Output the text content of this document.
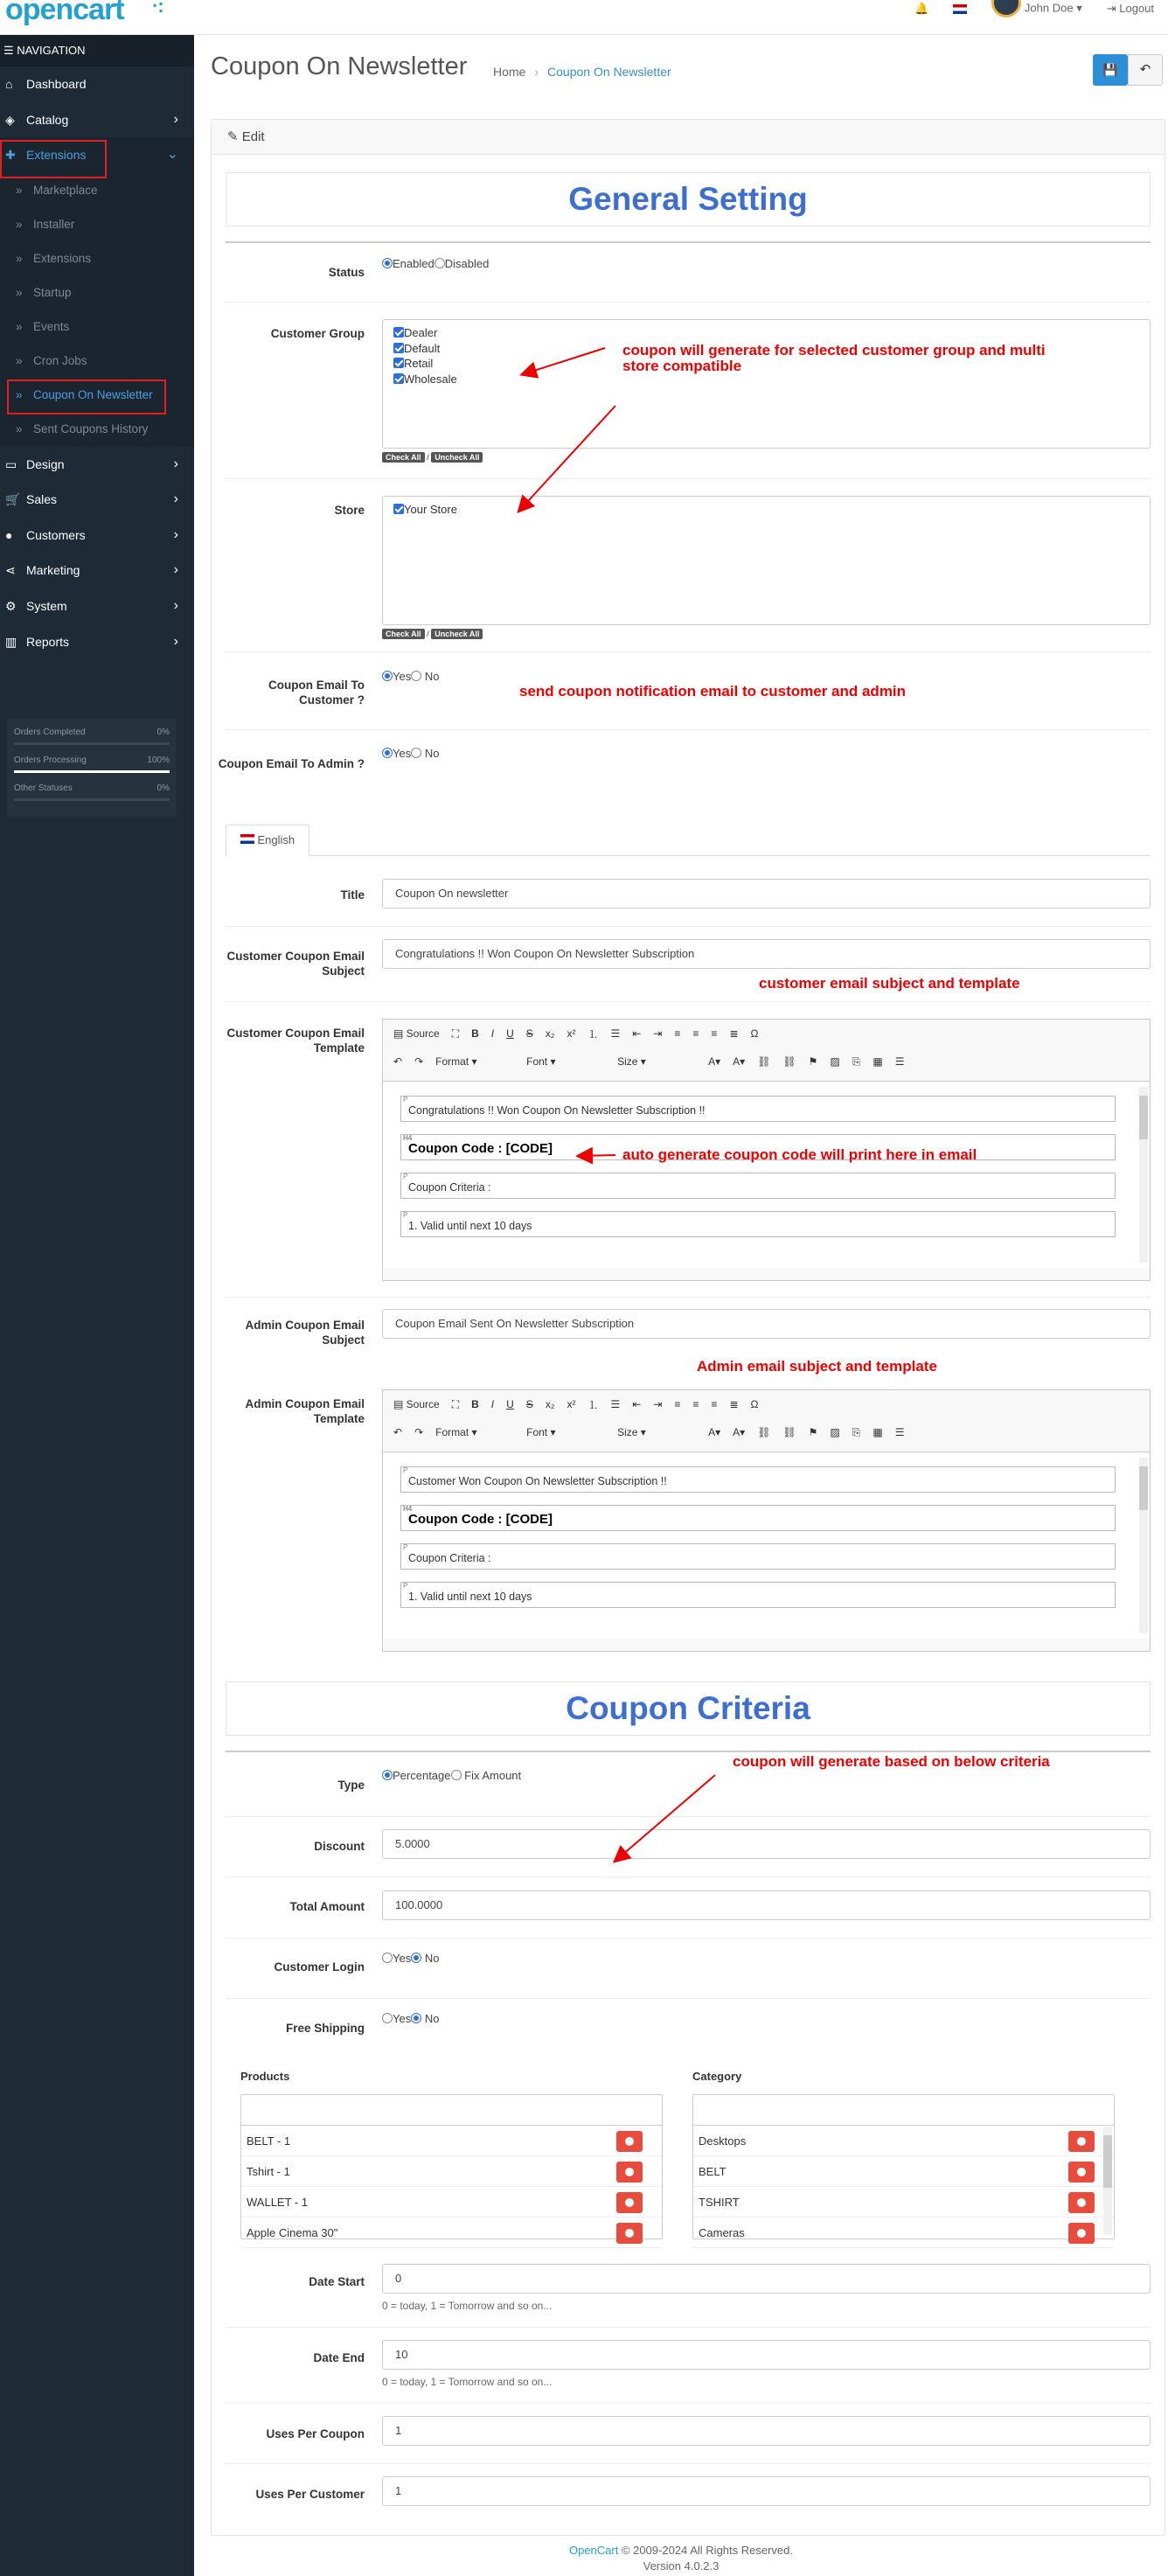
opencart ·:	🔔	John Doe ▾ ⇥ Logout
☰ NAVIGATION
⌂ Dashboard
◈ Catalog	›
✚ Extensions	⌄
» Marketplace
» Installer
» Extensions
» Startup
» Events
» Cron Jobs
» Coupon On Newsletter
» Sent Coupons History
▭ Design	›
🛒 Sales	›
● Customers	›
⋖ Marketing	›
⚙ System	›
▥ Reports	›
Orders Completed	0%
Orders Processing	100%
Other Statuses	0%
Coupon On Newsletter Home › Coupon On Newsletter	💾	↶
✎ Edit
General Setting
Status
Enabled Disabled
Customer Group	Dealer
Default
Retail
Wholesale
Check All / Uncheck All
Store	Your Store
Check All / Uncheck All
Coupon Email To Customer ?
Yes No
Coupon Email To Admin ?
Yes No
English
Title	Coupon On newsletter
Customer Coupon Email Subject
Congratulations !! Won Coupon On Newsletter Subscription
Customer Coupon Email Template
▤ Source ⛶ B I U S x₂ x² ⒈ ☰ ⇤ ⇥ ≡ ≡ ≡ ≣ Ω
↶ ↷ Format ▾	Font ▾	Size ▾	A▾ A▾ ⛓ ⛓ ⚑ ▨ ⎘ ▦ ☰
P
Congratulations !! Won Coupon On Newsletter Subscription !!
H4
Coupon Code : [CODE]
P
Coupon Criteria :
P
1. Valid until next 10 days
Admin Coupon Email Subject
Coupon Email Sent On Newsletter Subscription
Admin Coupon Email Template
▤ Source ⛶ B I U S x₂ x² ⒈ ☰ ⇤ ⇥ ≡ ≡ ≡ ≣ Ω
↶ ↷ Format ▾	Font ▾	Size ▾	A▾ A▾ ⛓ ⛓ ⚑ ▨ ⎘ ▦ ☰
P
Customer Won Coupon On Newsletter Subscription !!
H4
Coupon Code : [CODE]
P
Coupon Criteria :
P
1. Valid until next 10 days
Coupon Criteria
Type
Percentage Fix Amount
Discount	5.0000
Total Amount	100.0000
Customer Login
Yes No
Free Shipping
Yes No
Products
BELT - 1
Tshirt - 1
WALLET - 1
Apple Cinema 30"
Category
Desktops
BELT
TSHIRT
Cameras
Date Start	0
0 = today, 1 = Tomorrow and so on...
Date End	10
0 = today, 1 = Tomorrow and so on...
Uses Per Coupon	1
Uses Per Customer	1
coupon will generate for selected customer group and multi store compatible
send coupon notification email to customer and admin
customer email subject and template
auto generate coupon code will print here in email
Admin email subject and template
coupon will generate based on below criteria
OpenCart © 2009-2024 All Rights Reserved.
Version 4.0.2.3
